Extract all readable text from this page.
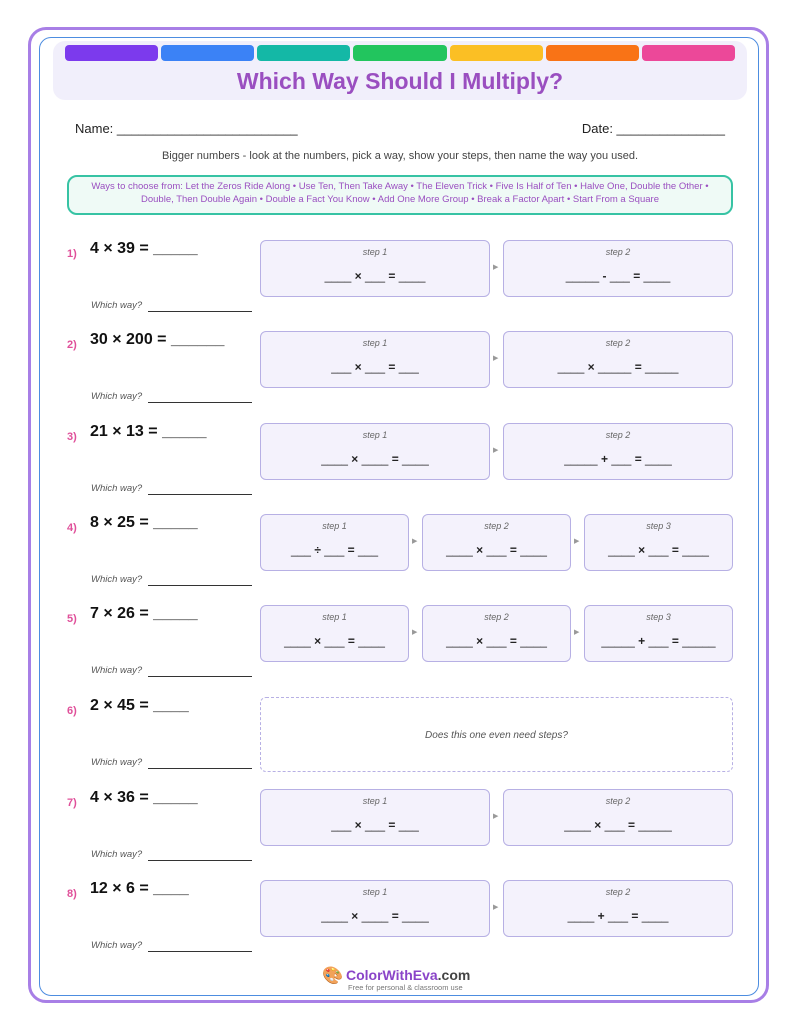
Which Way Should I Multiply?
Name: _________________________	Date: _______________
Bigger numbers - look at the numbers, pick a way, show your steps, then name the way you used.
Ways to choose from: Let the Zeros Ride Along • Use Ten, Then Take Away • The Eleven Trick • Five Is Half of Ten • Halve One, Double the Other • Double, Then Double Again • Double a Fact You Know • Add One More Group • Break a Factor Apart • Start From a Square
1) 4 × 39 = _____
Which way?
step 1
____ × ___ = ____
▶
step 2
_____ - ___ = ____
2) 30 × 200 = ______
Which way?
step 1
___ × ___ = ___
▶
step 2
____ × _____ = _____
3) 21 × 13 = _____
Which way?
step 1
____ × ____ = ____
▶
step 2
_____ + ___ = ____
4) 8 × 25 = _____
Which way?
step 1
___ ÷ ___ = ___
▶
step 2
____ × ___ = ____
▶
step 3
____ × ___ = ____
5) 7 × 26 = _____
Which way?
step 1
____ × ___ = ____
▶
step 2
____ × ___ = ____
▶
step 3
_____ + ___ = _____
6) 2 × 45 = ____
Which way?
Does this one even need steps?
7) 4 × 36 = _____
Which way?
step 1
___ × ___ = ___
▶
step 2
____ × ___ = _____
8) 12 × 6 = ____
Which way?
step 1
____ × ____ = ____
▶
step 2
____ + ___ = ____
🎨 ColorWithEva.com
Free for personal & classroom use
